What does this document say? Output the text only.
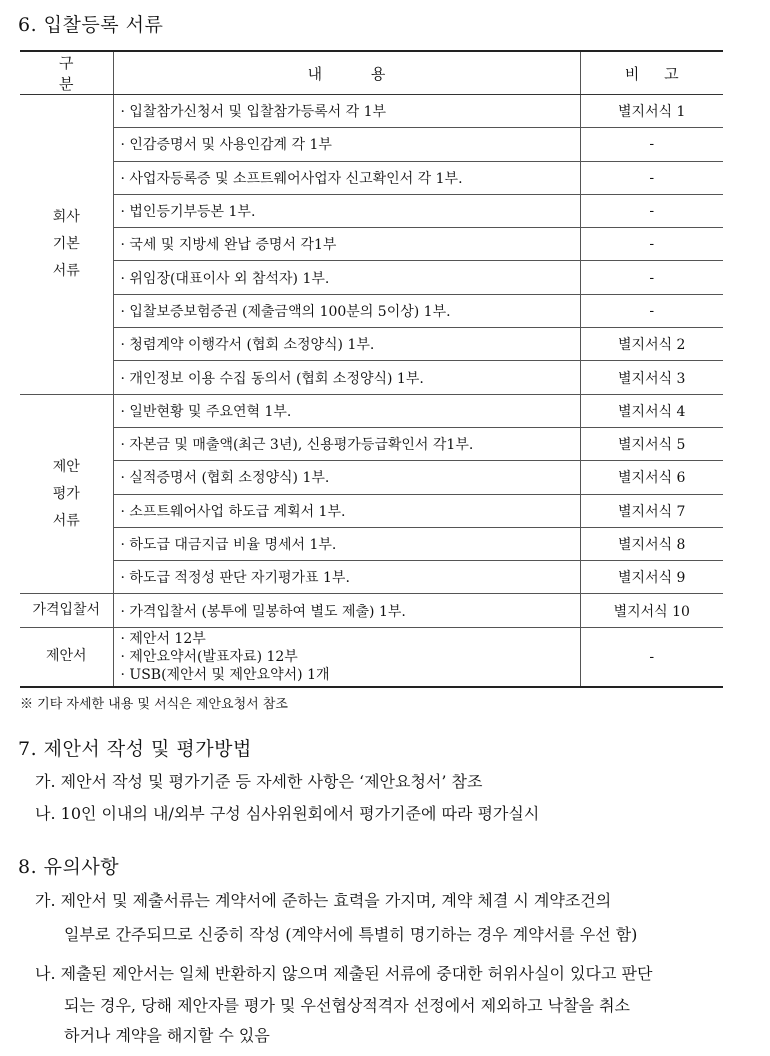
6. 입찰등록 서류
구 분	내 용	비 고

회사
기본
서류	· 입찰참가신청서 및 입찰참가등록서 각 1부	별지서식 1
	· 인감증명서 및 사용인감계 각 1부	-
	· 사업자등록증 및 소프트웨어사업자 신고확인서 각 1부.	-
	· 법인등기부등본 1부.	-
	· 국세 및 지방세 완납 증명서 각1부	-
	· 위임장(대표이사 외 참석자) 1부.	-
	· 입찰보증보험증권 (제출금액의 100분의 5이상) 1부.	-
	· 청렴계약 이행각서 (협회 소정양식) 1부.	별지서식 2
	· 개인정보 이용 수집 동의서 (협회 소정양식) 1부.	별지서식 3

제안
평가
서류	· 일반현황 및 주요연혁 1부.	별지서식 4
	· 자본금 및 매출액(최근 3년), 신용평가등급확인서 각1부.	별지서식 5
	· 실적증명서 (협회 소정양식) 1부.	별지서식 6
	· 소프트웨어사업 하도급 계획서 1부.	별지서식 7
	· 하도급 대금지급 비율 명세서 1부.	별지서식 8
	· 하도급 적정성 판단 자기평가표 1부.	별지서식 9
가격입찰서	· 가격입찰서 (봉투에 밀봉하여 별도 제출) 1부.	별지서식 10
제안서	· 제안서 12부
· 제안요약서(발표자료) 12부
· USB(제안서 및 제안요약서) 1개	-
※ 기타 자세한 내용 및 서식은 제안요청서 참조
7. 제안서 작성 및 평가방법
가. 제안서 작성 및 평가기준 등 자세한 사항은 ‘제안요청서’ 참조
나. 10인 이내의 내/외부 구성 심사위원회에서 평가기준에 따라 평가실시
8. 유의사항
가. 제안서 및 제출서류는 계약서에 준하는 효력을 가지며, 계약 체결 시 계약조건의
일부로 간주되므로 신중히 작성 (계약서에 특별히 명기하는 경우 계약서를 우선 함)
나. 제출된 제안서는 일체 반환하지 않으며 제출된 서류에 중대한 허위사실이 있다고 판단
되는 경우, 당해 제안자를 평가 및 우선협상적격자 선정에서 제외하고 낙찰을 취소
하거나 계약을 해지할 수 있음
